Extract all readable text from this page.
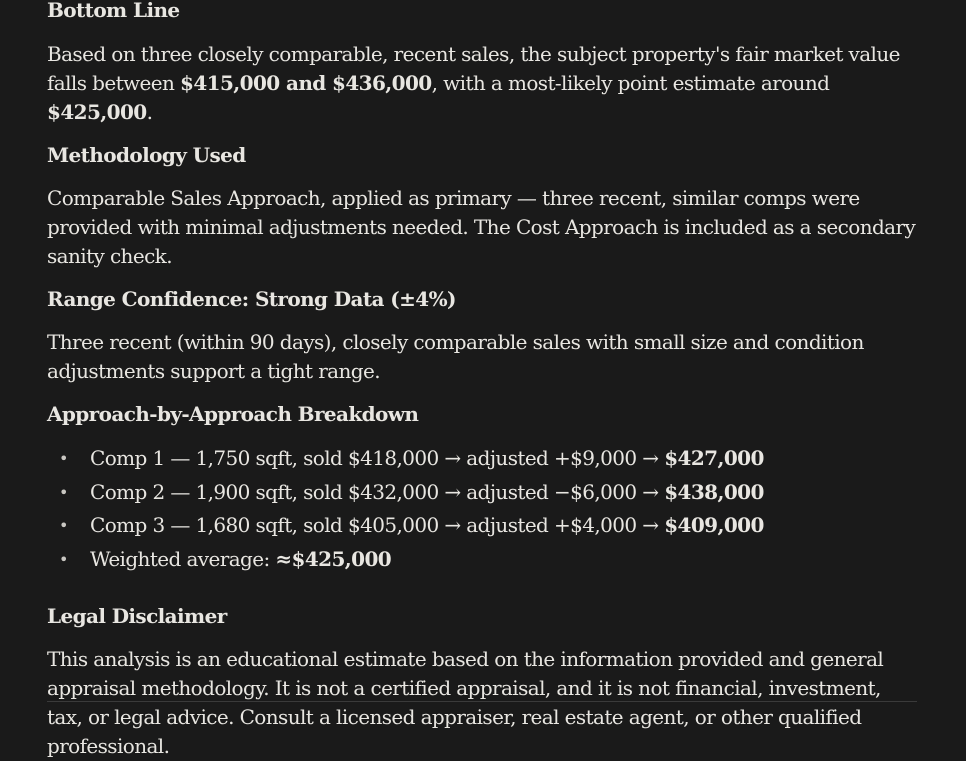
Bottom Line

Based on three closely comparable, recent sales, the subject property's fair market value falls between $415,000 and $436,000, with a most-likely point estimate around $425,000.

Methodology Used

Comparable Sales Approach, applied as primary — three recent, similar comps were provided with minimal adjustments needed. The Cost Approach is included as a secondary sanity check.

Range Confidence: Strong Data (±4%)

Three recent (within 90 days), closely comparable sales with small size and condition adjustments support a tight range.

Approach-by-Approach Breakdown
• Comp 1 — 1,750 sqft, sold $418,000 → adjusted +$9,000 → $427,000
• Comp 2 — 1,900 sqft, sold $432,000 → adjusted −$6,000 → $438,000
• Comp 3 — 1,680 sqft, sold $405,000 → adjusted +$4,000 → $409,000
• Weighted average: ≈$425,000
Legal Disclaimer

This analysis is an educational estimate based on the information provided and general appraisal methodology. It is not a certified appraisal, and it is not financial, investment, tax, or legal advice. Consult a licensed appraiser, real estate agent, or other qualified professional.
